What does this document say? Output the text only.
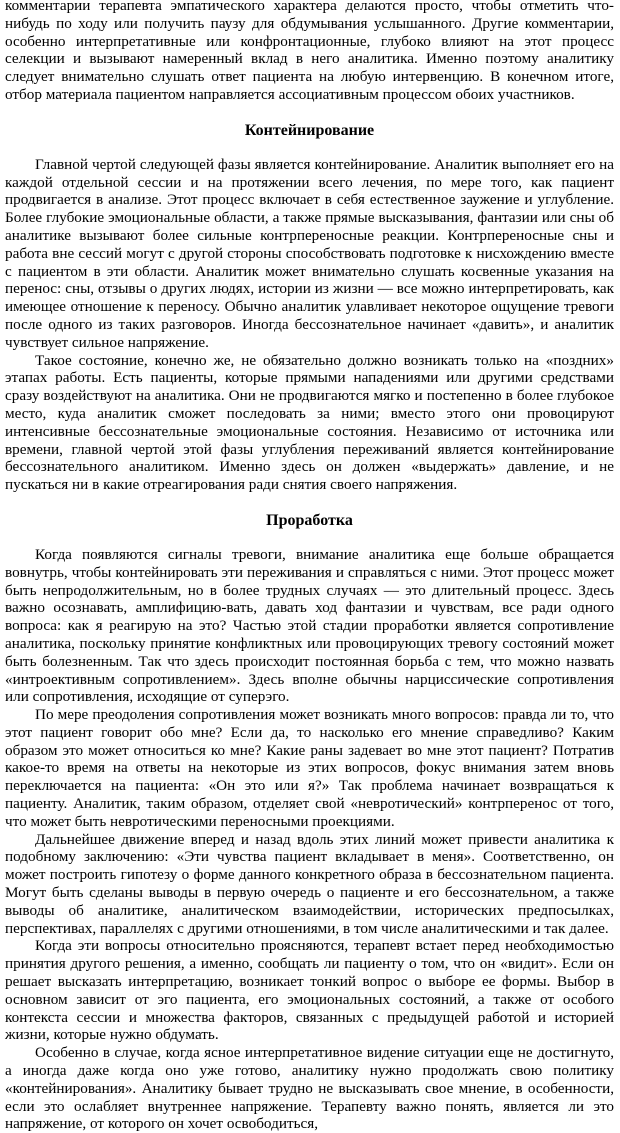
комментарии терапевта эмпатического характера делаются просто, чтобы отметить что-нибудь по ходу или получить паузу для обдумывания услышанного. Другие комментарии, особенно интерпретативные или конфронтационные, глубоко влияют на этот процесс селекции и вызывают намеренный вклад в него аналитика. Именно поэтому аналитику следует внимательно слушать ответ пациента на любую интервенцию. В конечном итоге, отбор материала пациентом направляется ассоциативным процессом обоих участников.

Контейнирование

Главной чертой следующей фазы является контейнирование. Аналитик выполняет его на каждой отдельной сессии и на протяжении всего лечения, по мере того, как пациент продвигается в анализе. Этот процесс включает в себя естественное заужение и углубление. Более глубокие эмоциональные области, а также прямые высказывания, фантазии или сны об аналитике вызывают более сильные контрпереносные реакции. Контрпереносные сны и работа вне сессий могут с другой стороны способствовать подготовке к нисхождению вместе с пациентом в эти области. Аналитик может внимательно слушать косвенные указания на перенос: сны, отзывы о других людях, истории из жизни — все можно интерпретировать, как имеющее отношение к переносу. Обычно аналитик улавливает некоторое ощущение тревоги после одного из таких разговоров. Иногда бессознательное начинает «давить», и аналитик чувствует сильное напряжение.

Такое состояние, конечно же, не обязательно должно возникать только на «поздних» этапах работы. Есть пациенты, которые прямыми нападениями или другими средствами сразу воздействуют на аналитика. Они не продвигаются мягко и постепенно в более глубокое место, куда аналитик сможет последовать за ними; вместо этого они провоцируют интенсивные бессознательные эмоциональные состояния. Независимо от источника или времени, главной чертой этой фазы углубления переживаний является контейнирование бессознательного аналитиком. Именно здесь он должен «выдержать» давление, и не пускаться ни в какие отреагирования ради снятия своего напряжения.

Проработка

Когда появляются сигналы тревоги, внимание аналитика еще больше обращается вовнутрь, чтобы контейнировать эти переживания и справляться с ними. Этот процесс может быть непродолжительным, но в более трудных случаях — это длительный процесс. Здесь важно осознавать, амплифицию-вать, давать ход фантазии и чувствам, все ради одного вопроса: как я реагирую на это? Частью этой стадии проработки является сопротивление аналитика, поскольку принятие конфликтных или провоцирующих тревогу состояний может быть болезненным. Так что здесь происходит постоянная борьба с тем, что можно назвать «интроективным сопротивлением». Здесь вполне обычны нарциссические сопротивления или сопротивления, исходящие от суперэго.

По мере преодоления сопротивления может возникать много вопросов: правда ли то, что этот пациент говорит обо мне? Если да, то насколько его мнение справедливо? Каким образом это может относиться ко мне? Какие раны задевает во мне этот пациент? Потратив какое-то время на ответы на некоторые из этих вопросов, фокус внимания затем вновь переключается на пациента: «Он это или я?» Так проблема начинает возвращаться к пациенту. Аналитик, таким образом, отделяет свой «невротический» контрперенос от того, что может быть невротическими переносными проекциями.

Дальнейшее движение вперед и назад вдоль этих линий может привести аналитика к подобному заключению: «Эти чувства пациент вкладывает в меня». Соответственно, он может построить гипотезу о форме данного конкретного образа в бессознательном пациента. Могут быть сделаны выводы в первую очередь о пациенте и его бессознательном, а также выводы об аналитике, аналитическом взаимодействии, исторических предпосылках, перспективах, параллелях с другими отношениями, в том числе аналитическими и так далее.

Когда эти вопросы относительно проясняются, терапевт встает перед необходимостью принятия другого решения, а именно, сообщать ли пациенту о том, что он «видит». Если он решает высказать интерпретацию, возникает тонкий вопрос о выборе ее формы. Выбор в основном зависит от эго пациента, его эмоциональных состояний, а также от особого контекста сессии и множества факторов, связанных с предыдущей работой и историей жизни, которые нужно обдумать.

Особенно в случае, когда ясное интерпретативное видение ситуации еще не достигнуто, а иногда даже когда оно уже готово, аналитику нужно продолжать свою политику «контейнирования». Аналитику бывает трудно не высказывать свое мнение, в особенности, если это ослабляет внутреннее напряжение. Терапевту важно понять, является ли это напряжение, от которого он хочет освободиться,
